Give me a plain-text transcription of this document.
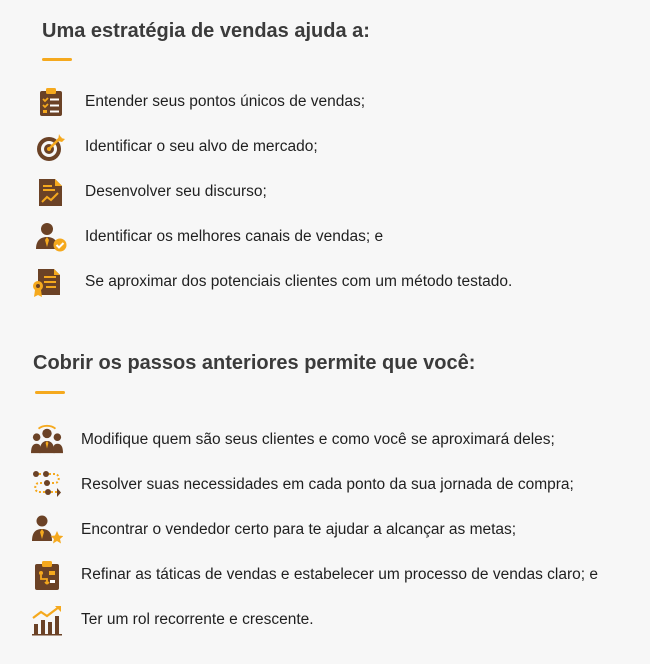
Uma estratégia de vendas ajuda a:
Entender seus pontos únicos de vendas;
Identificar o seu alvo de mercado;
Desenvolver seu discurso;
Identificar os melhores canais de vendas; e
Se aproximar dos potenciais clientes com um método testado.
Cobrir os passos anteriores permite que você:
Modifique quem são seus clientes e como você se aproximará deles;
Resolver suas necessidades em cada ponto da sua jornada de compra;
Encontrar o vendedor certo para te ajudar a alcançar as metas;
Refinar as táticas de vendas e estabelecer um processo de vendas claro; e
Ter um rol recorrente e crescente.
